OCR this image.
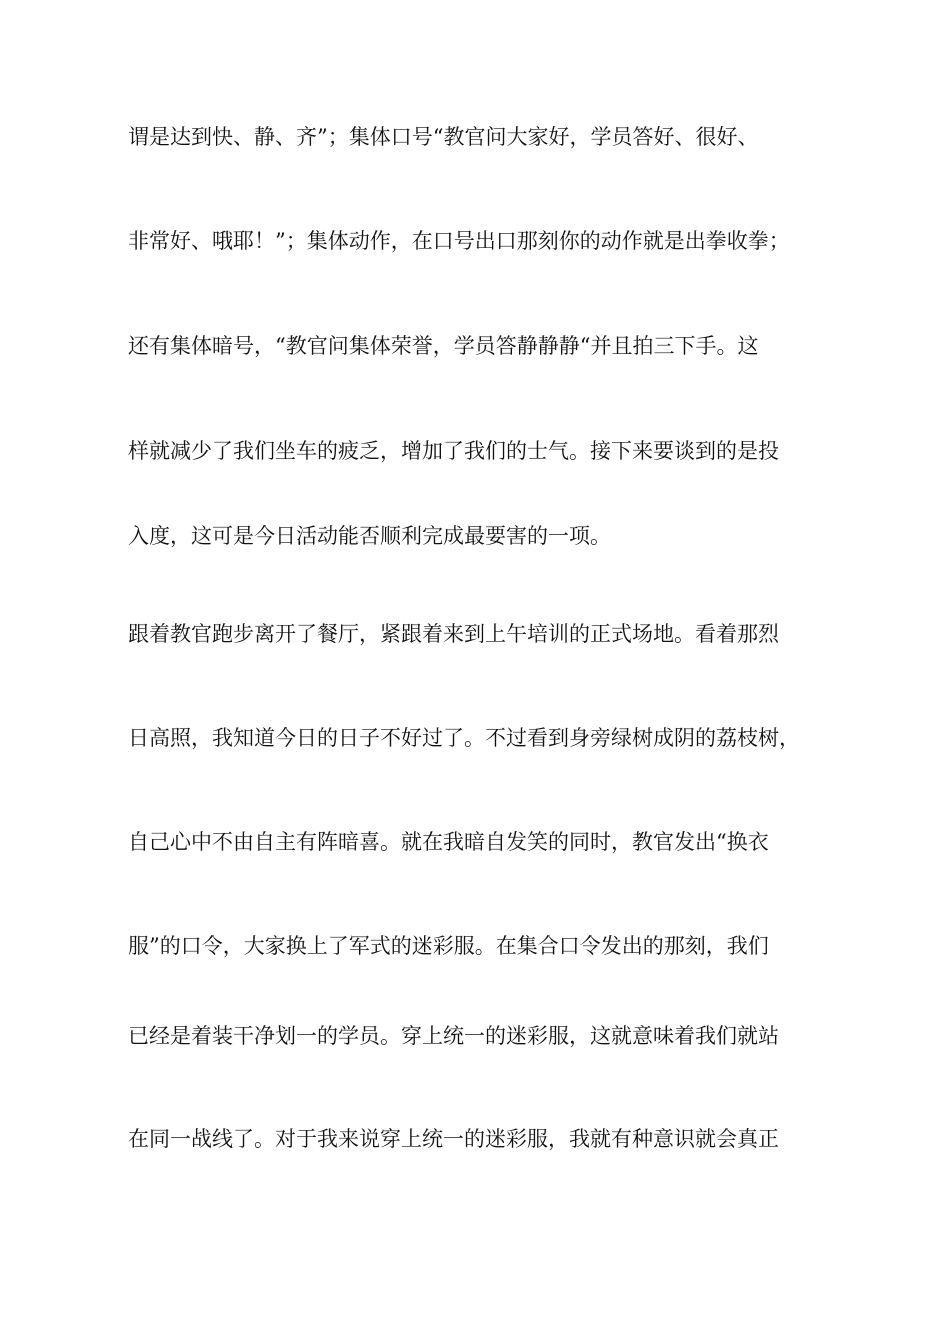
谓是达到快、静、齐”；集体口号“教官问大家好，学员答好、很好、
非常好、哦耶！”；集体动作，在口号出口那刻你的动作就是出拳收拳；
还有集体暗号，“教官问集体荣誉，学员答静静静“并且拍三下手。这
样就减少了我们坐车的疲乏，增加了我们的士气。接下来要谈到的是投
入度，这可是今日活动能否顺利完成最要害的一项。
跟着教官跑步离开了餐厅，紧跟着来到上午培训的正式场地。看着那烈
日高照，我知道今日的日子不好过了。不过看到身旁绿树成阴的荔枝树，
自己心中不由自主有阵暗喜。就在我暗自发笑的同时，教官发出“换衣
服”的口令，大家换上了军式的迷彩服。在集合口令发出的那刻，我们
已经是着装干净划一的学员。穿上统一的迷彩服，这就意味着我们就站
在同一战线了。对于我来说穿上统一的迷彩服，我就有种意识就会真正
